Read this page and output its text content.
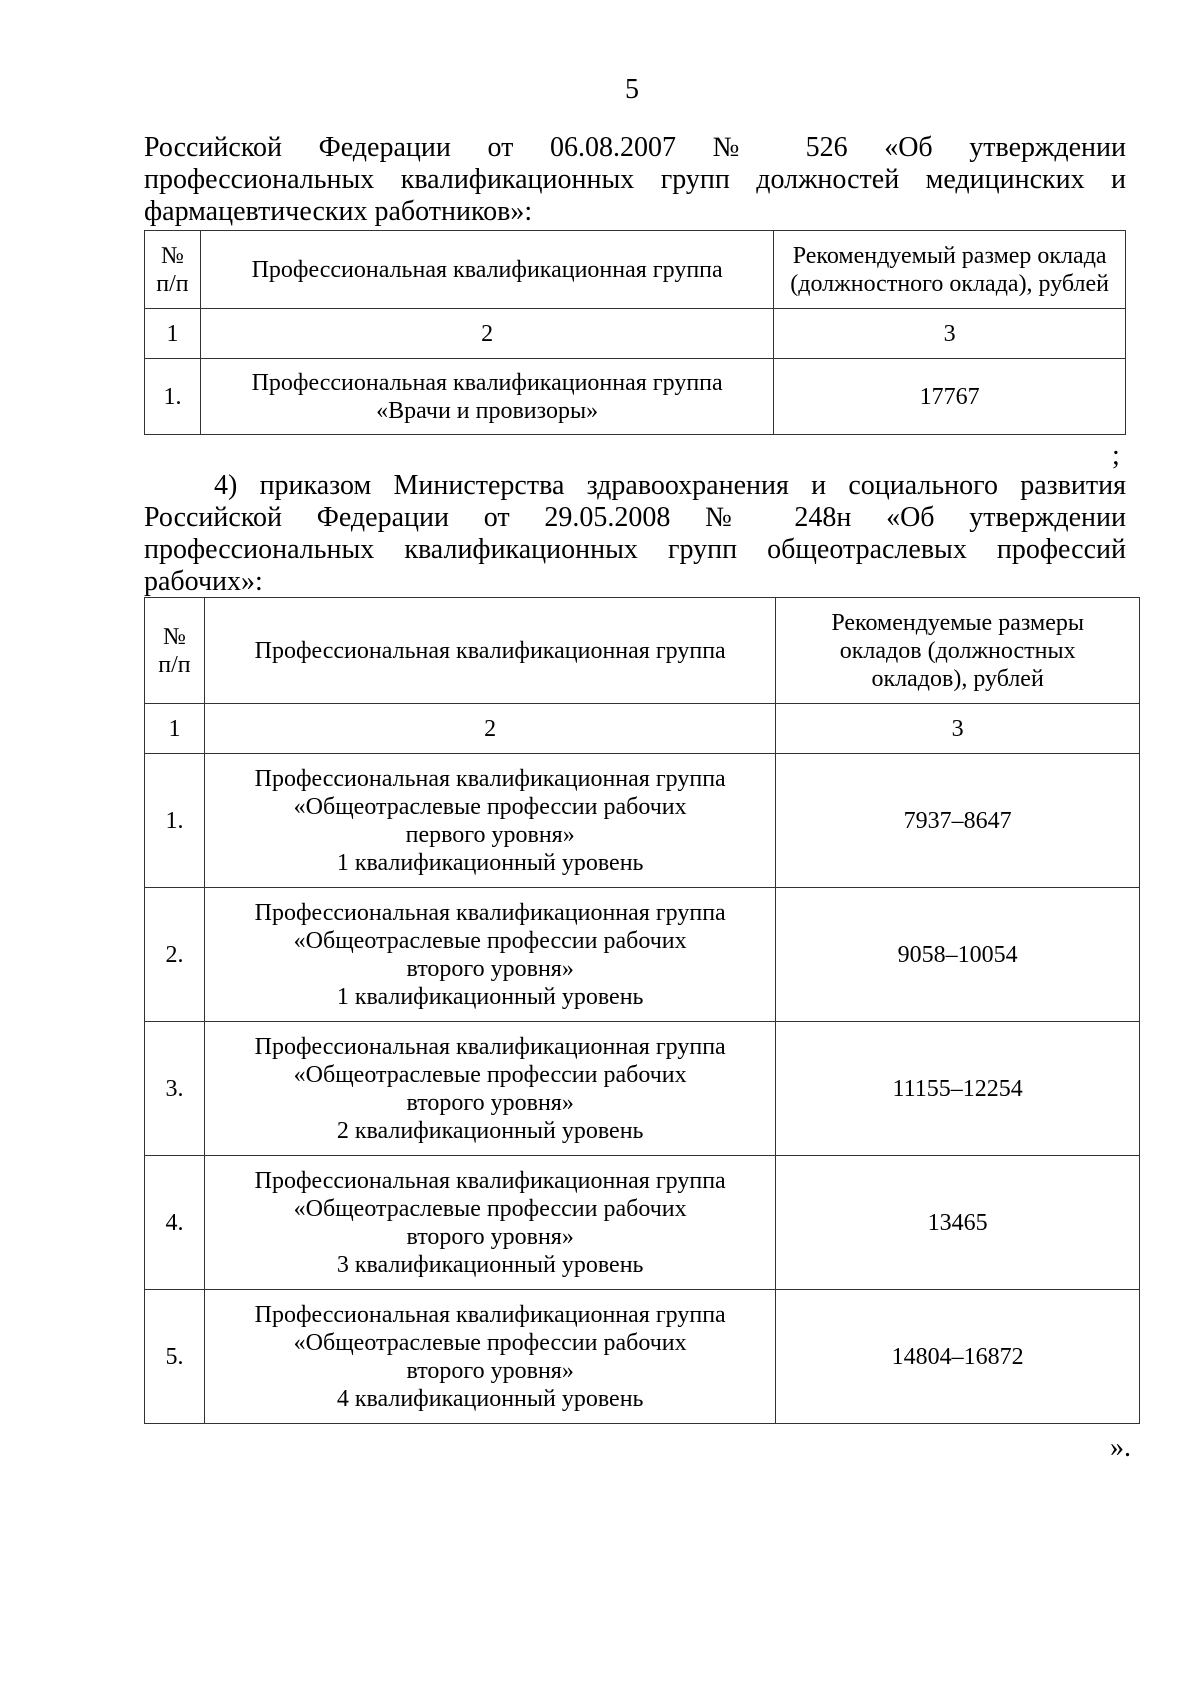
5
Российской Федерации от 06.08.2007 № 526 «Об утверждении
профессиональных квалификационных групп должностей медицинских и
фармацевтических работников»:
№ п/п	Профессиональная квалификационная группа	Рекомендуемый размер оклада
(должностного оклада), рублей

1	2	3
1.	Профессиональная квалификационная группа
«Врачи и провизоры»	17767
;
4) приказом Министерства здравоохранения и социального развития
Российской Федерации от 29.05.2008 № 248н «Об утверждении
профессиональных квалификационных групп общеотраслевых профессий
рабочих»:
№ п/п	Профессиональная квалификационная группа	Рекомендуемые размеры
окладов (должностных
окладов), рублей

1	2	3
1.	Профессиональная квалификационная группа
«Общеотраслевые профессии рабочих
первого уровня»
1 квалификационный уровень	7937–8647
2.	Профессиональная квалификационная группа
«Общеотраслевые профессии рабочих
второго уровня»
1 квалификационный уровень	9058–10054
3.	Профессиональная квалификационная группа
«Общеотраслевые профессии рабочих
второго уровня»
2 квалификационный уровень	11155–12254
4.	Профессиональная квалификационная группа
«Общеотраслевые профессии рабочих
второго уровня»
3 квалификационный уровень	13465
5.	Профессиональная квалификационная группа
«Общеотраслевые профессии рабочих
второго уровня»
4 квалификационный уровень	14804–16872
».
